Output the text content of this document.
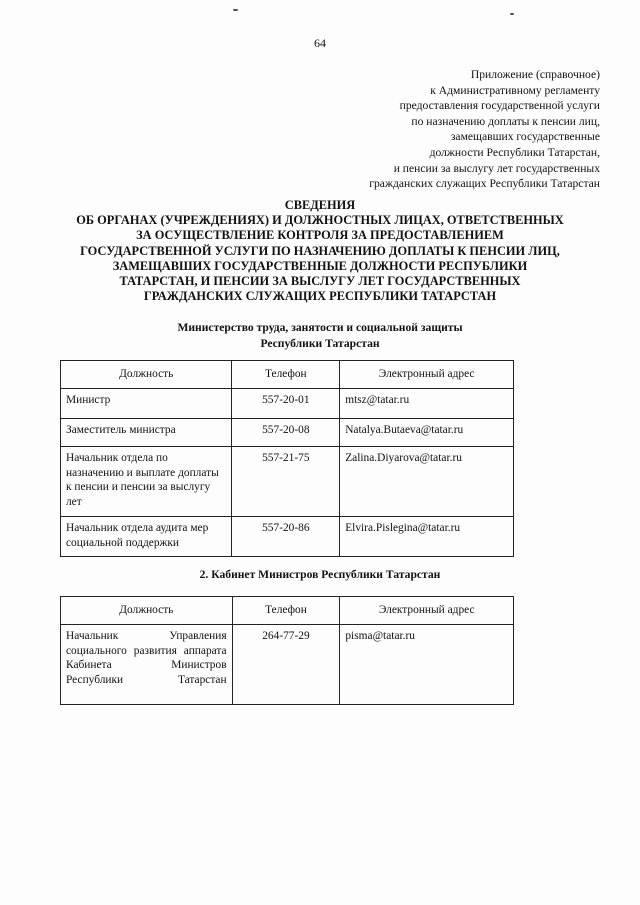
64
Приложение (справочное)
к Административному регламенту
предоставления государственной услуги
по назначению доплаты к пенсии лиц,
замещавших государственные
должности Республики Татарстан,
и пенсии за выслугу лет государственных
гражданских служащих Республики Татарстан
СВЕДЕНИЯ
ОБ ОРГАНАХ (УЧРЕЖДЕНИЯХ) И ДОЛЖНОСТНЫХ ЛИЦАХ, ОТВЕТСТВЕННЫХ
ЗА ОСУЩЕСТВЛЕНИЕ КОНТРОЛЯ ЗА ПРЕДОСТАВЛЕНИЕМ
ГОСУДАРСТВЕННОЙ УСЛУГИ ПО НАЗНАЧЕНИЮ ДОПЛАТЫ К ПЕНСИИ ЛИЦ,
ЗАМЕЩАВШИХ ГОСУДАРСТВЕННЫЕ ДОЛЖНОСТИ РЕСПУБЛИКИ
ТАТАРСТАН, И ПЕНСИИ ЗА ВЫСЛУГУ ЛЕТ ГОСУДАРСТВЕННЫХ
ГРАЖДАНСКИХ СЛУЖАЩИХ РЕСПУБЛИКИ ТАТАРСТАН
Министерство труда, занятости и социальной защиты
Республики Татарстан
Должность	Телефон	Электронный адрес
Министр	557-20-01	mtsz@tatar.ru
Заместитель министра	557-20-08	Natalya.Butaeva@tatar.ru
Начальник отдела по назначению и выплате доплаты к пенсии и пенсии за выслугу лет	557-21-75	Zalina.Diyarova@tatar.ru
Начальник отдела аудита мер социальной поддержки	557-20-86	Elvira.Pislegina@tatar.ru
2. Кабинет Министров Республики Татарстан
Должность	Телефон	Электронный адрес
Начальник Управления социального развития аппарата Кабинета Министров Республики Татарстан	264-77-29	pisma@tatar.ru
